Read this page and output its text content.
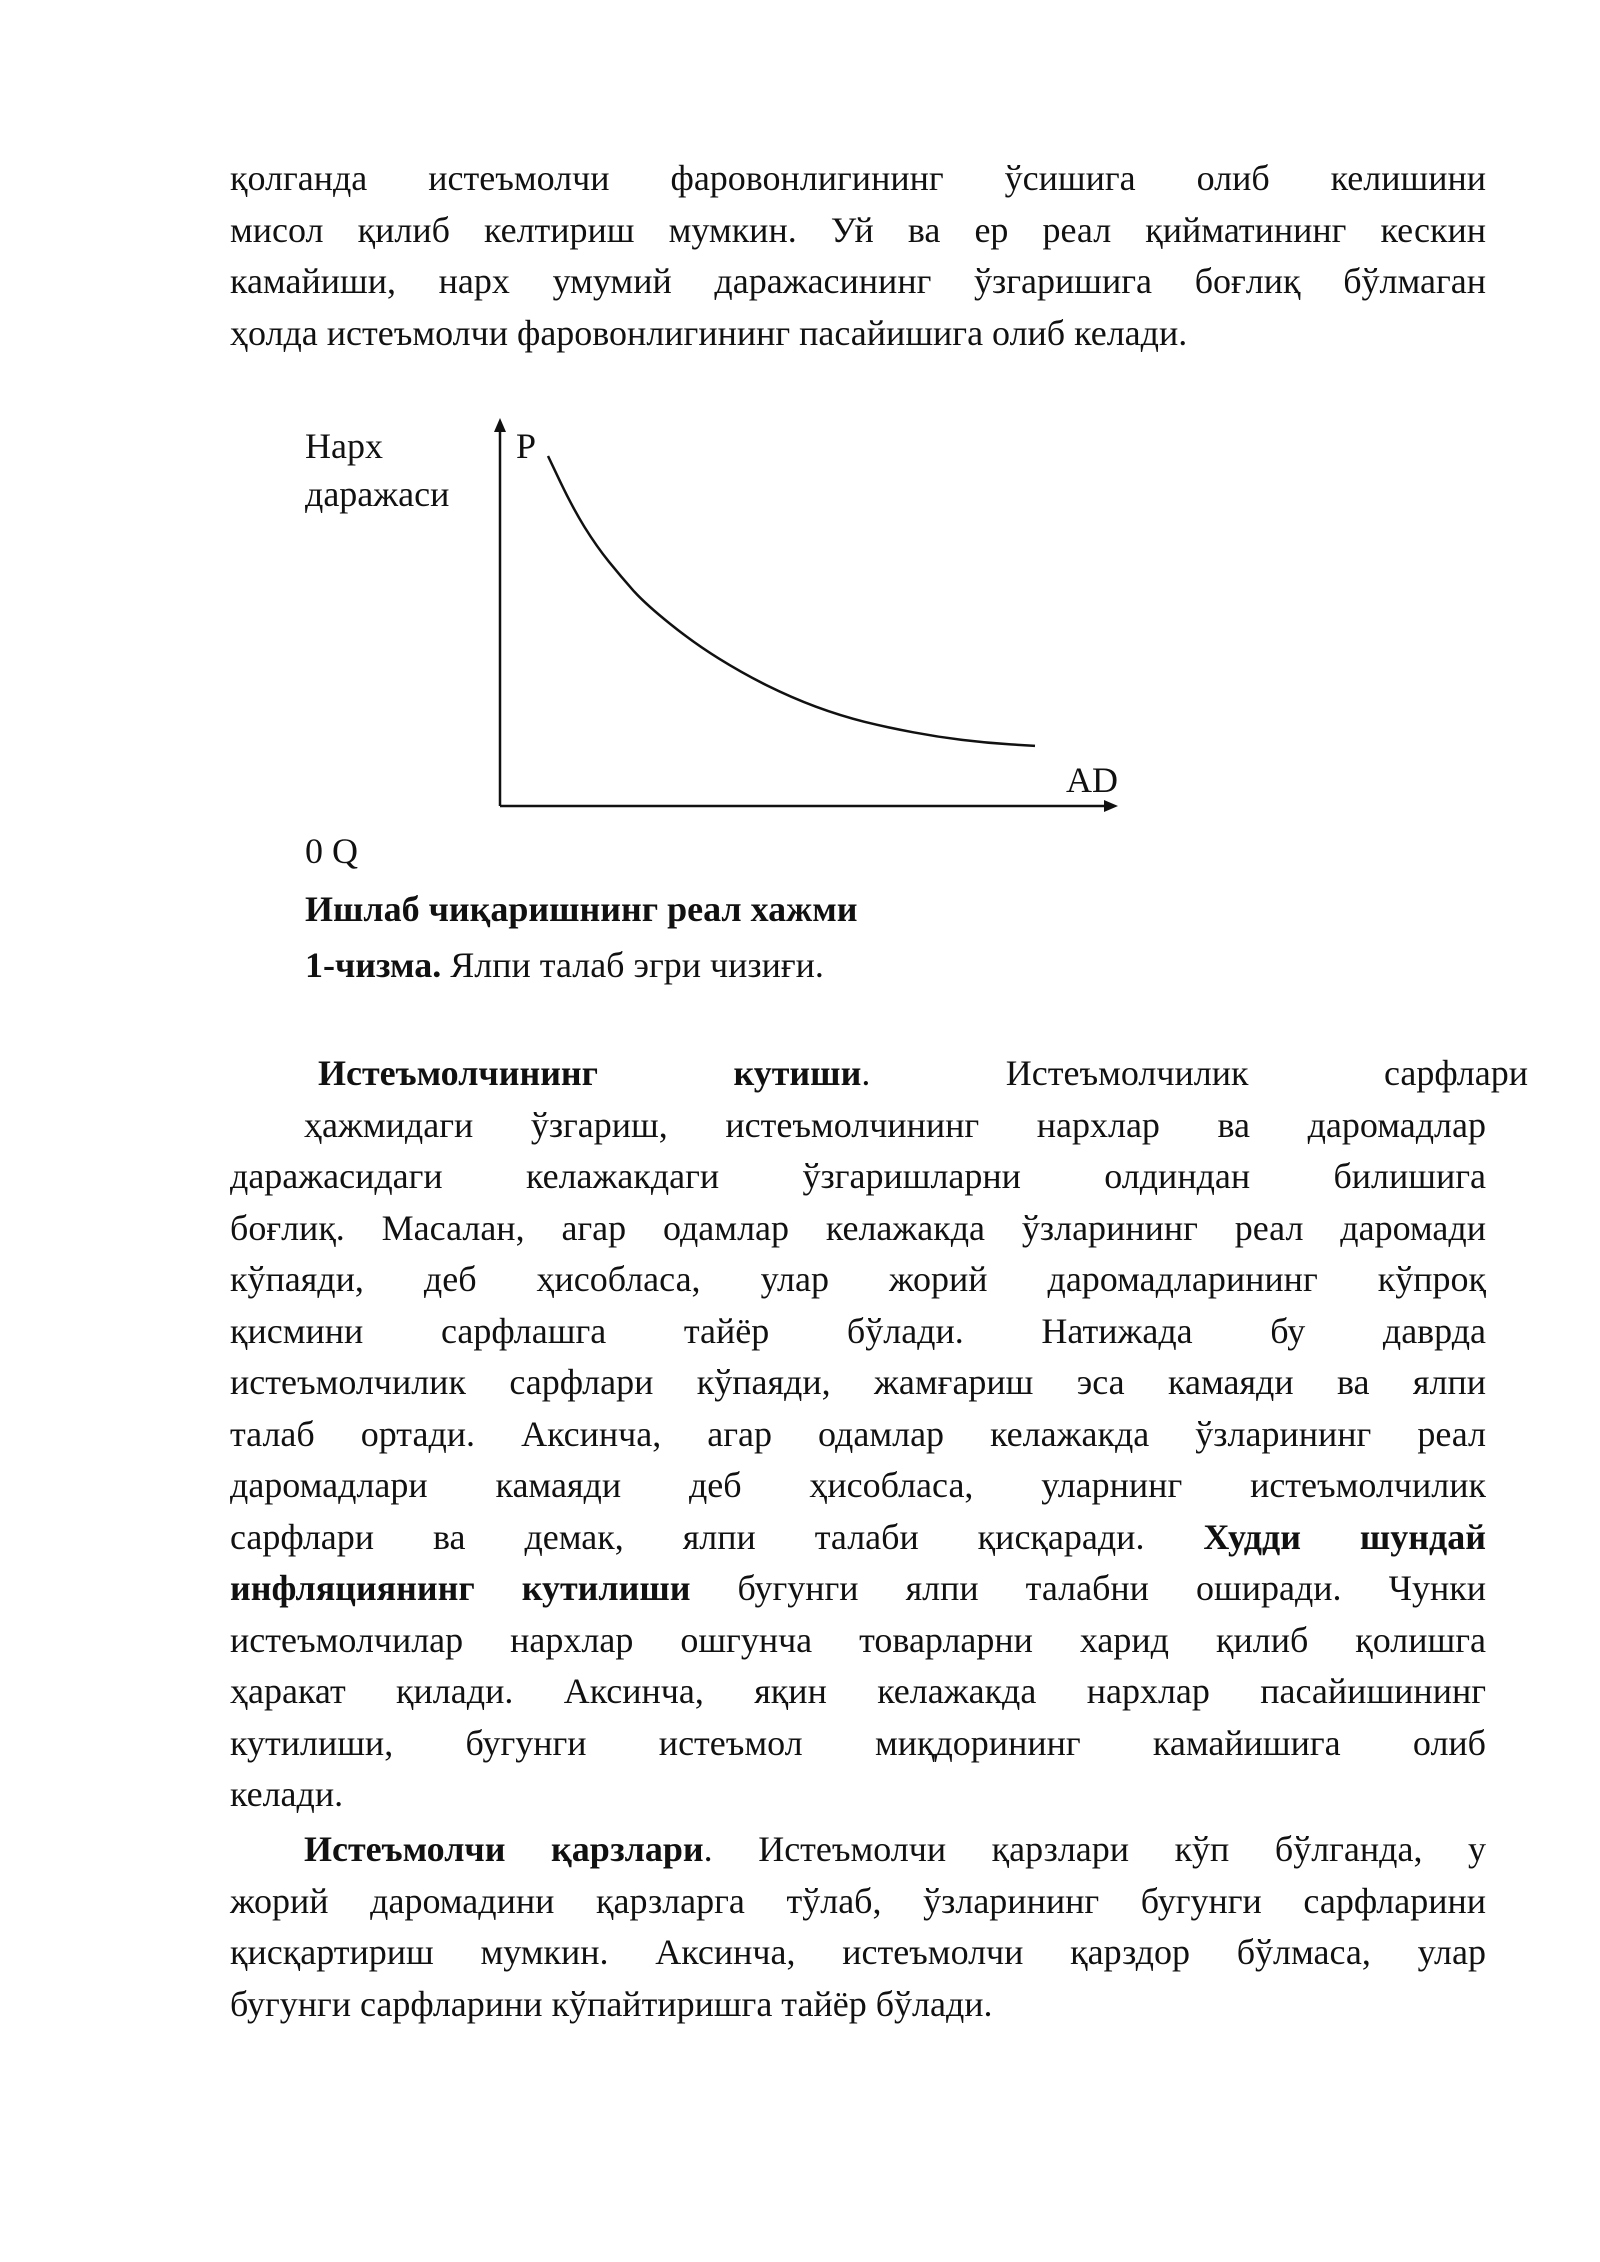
қолганда истеъмолчи фаровонлигининг ўсишига олиб келишини
мисол қилиб келтириш мумкин. Уй ва ер реал қийматининг кескин
камайиши, нарх умумий даражасининг ўзгаришига боғлиқ бўлмаган
ҳолда истеъмолчи фаровонлигининг пасайишига олиб келади.
Нарх
даражаси
P
AD
0 Q
Ишлаб чиқаришнинг реал хажми
1-чизма. Ялпи талаб эгри чизиғи.
Истеъмолчининг кутиши. Истеъмолчилик сарфлари
ҳажмидаги ўзгариш, истеъмолчининг нархлар ва даромадлар
даражасидаги келажакдаги ўзгаришларни олдиндан билишига
боғлиқ. Масалан, агар одамлар келажакда ўзларининг реал даромади
кўпаяди, деб ҳисобласа, улар жорий даромадларининг кўпроқ
қисмини сарфлашга тайёр бўлади. Натижада бу даврда
истеъмолчилик сарфлари кўпаяди, жамғариш эса камаяди ва ялпи
талаб ортади. Аксинча, агар одамлар келажакда ўзларининг реал
даромадлари камаяди деб ҳисобласа, уларнинг истеъмолчилик
сарфлари ва демак, ялпи талаби қисқаради. Худди шундай
инфляциянинг кутилиши бугунги ялпи талабни оширади. Чунки
истеъмолчилар нархлар ошгунча товарларни харид қилиб қолишга
ҳаракат қилади. Аксинча, яқин келажакда нархлар пасайишининг
кутилиши, бугунги истеъмол миқдорининг камайишига олиб
келади.
Истеъмолчи қарзлари. Истеъмолчи қарзлари кўп бўлганда, у
жорий даромадини қарзларга тўлаб, ўзларининг бугунги сарфларини
қисқартириш мумкин. Аксинча, истеъмолчи қарздор бўлмаса, улар
бугунги сарфларини кўпайтиришга тайёр бўлади.
